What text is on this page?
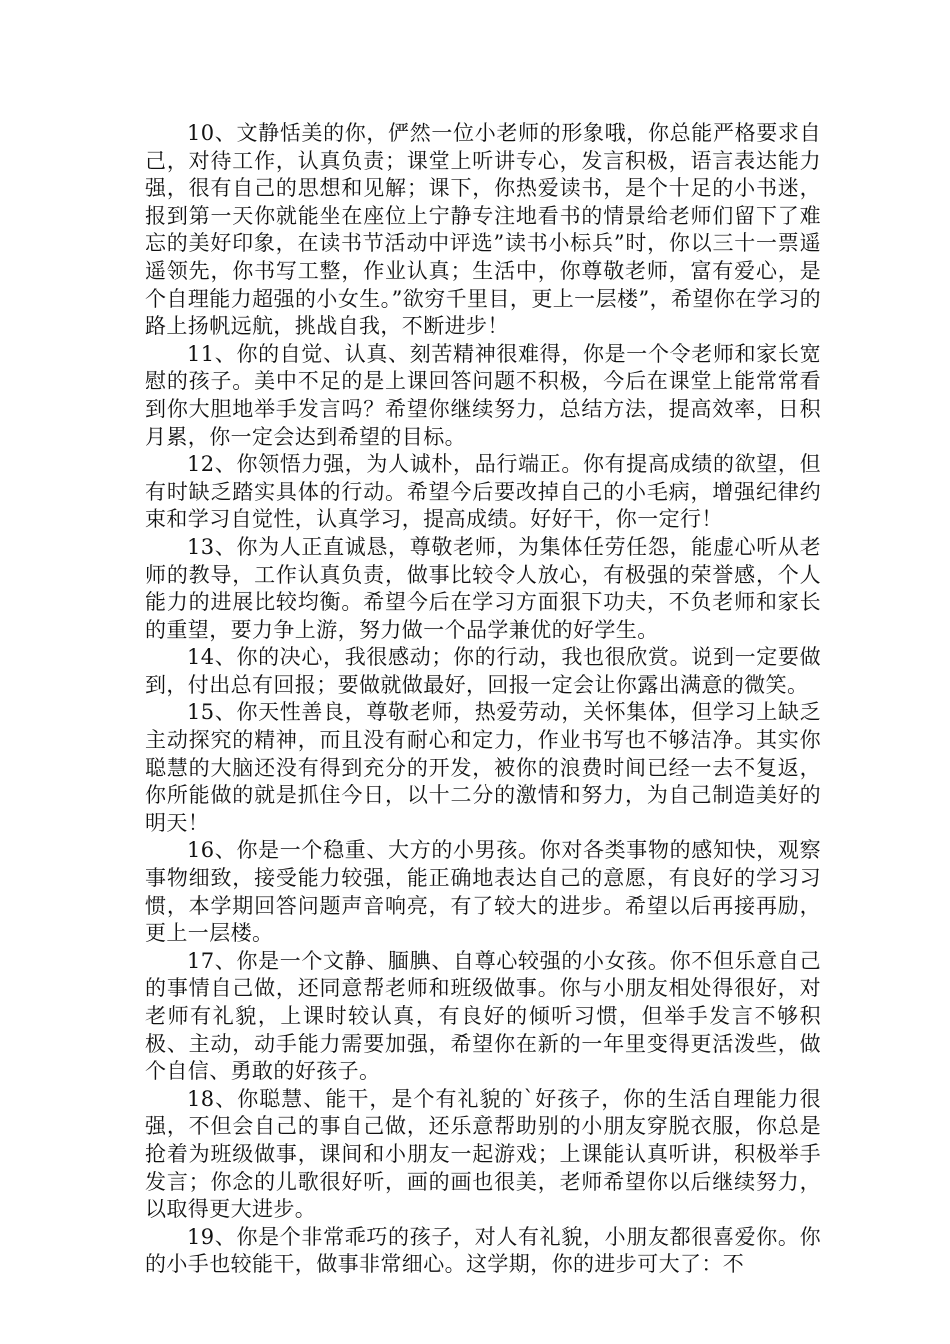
10、文静恬美的你，俨然一位小老师的形象哦，你总能严格要求自己，对待工作，认真负责；课堂上听讲专心，发言积极，语言表达能力强，很有自己的思想和见解；课下，你热爱读书，是个十足的小书迷，报到第一天你就能坐在座位上宁静专注地看书的情景给老师们留下了难忘的美好印象，在读书节活动中评选”读书小标兵”时，你以三十一票遥遥领先，你书写工整，作业认真；生活中，你尊敬老师，富有爱心，是个自理能力超强的小女生。”欲穷千里目，更上一层楼”，希望你在学习的路上扬帆远航，挑战自我，不断进步！

11、你的自觉、认真、刻苦精神很难得，你是一个令老师和家长宽慰的孩子。美中不足的是上课回答问题不积极，今后在课堂上能常常看到你大胆地举手发言吗？希望你继续努力，总结方法，提高效率，日积月累，你一定会达到希望的目标。

12、你领悟力强，为人诚朴，品行端正。你有提高成绩的欲望，但有时缺乏踏实具体的行动。希望今后要改掉自己的小毛病，增强纪律约束和学习自觉性，认真学习，提高成绩。好好干，你一定行！

13、你为人正直诚恳，尊敬老师，为集体任劳任怨，能虚心听从老师的教导，工作认真负责，做事比较令人放心，有极强的荣誉感，个人能力的进展比较均衡。希望今后在学习方面狠下功夫，不负老师和家长的重望，要力争上游，努力做一个品学兼优的好学生。

14、你的决心，我很感动；你的行动，我也很欣赏。说到一定要做到，付出总有回报；要做就做最好，回报一定会让你露出满意的微笑。

15、你天性善良，尊敬老师，热爱劳动，关怀集体，但学习上缺乏主动探究的精神，而且没有耐心和定力，作业书写也不够洁净。其实你聪慧的大脑还没有得到充分的开发，被你的浪费时间已经一去不复返，你所能做的就是抓住今日，以十二分的激情和努力，为自己制造美好的明天！

16、你是一个稳重、大方的小男孩。你对各类事物的感知快，观察事物细致，接受能力较强，能正确地表达自己的意愿，有良好的学习习惯，本学期回答问题声音响亮，有了较大的进步。希望以后再接再励，更上一层楼。

17、你是一个文静、腼腆、自尊心较强的小女孩。你不但乐意自己的事情自己做，还同意帮老师和班级做事。你与小朋友相处得很好，对老师有礼貌，上课时较认真，有良好的倾听习惯，但举手发言不够积极、主动，动手能力需要加强，希望你在新的一年里变得更活泼些，做个自信、勇敢的好孩子。

18、你聪慧、能干，是个有礼貌的`好孩子，你的生活自理能力很强，不但会自己的事自己做，还乐意帮助别的小朋友穿脱衣服，你总是抢着为班级做事，课间和小朋友一起游戏；上课能认真听讲，积极举手发言；你念的儿歌很好听，画的画也很美，老师希望你以后继续努力，以取得更大进步。

19、你是个非常乖巧的孩子，对人有礼貌，小朋友都很喜爱你。你的小手也较能干，做事非常细心。这学期，你的进步可大了：不
